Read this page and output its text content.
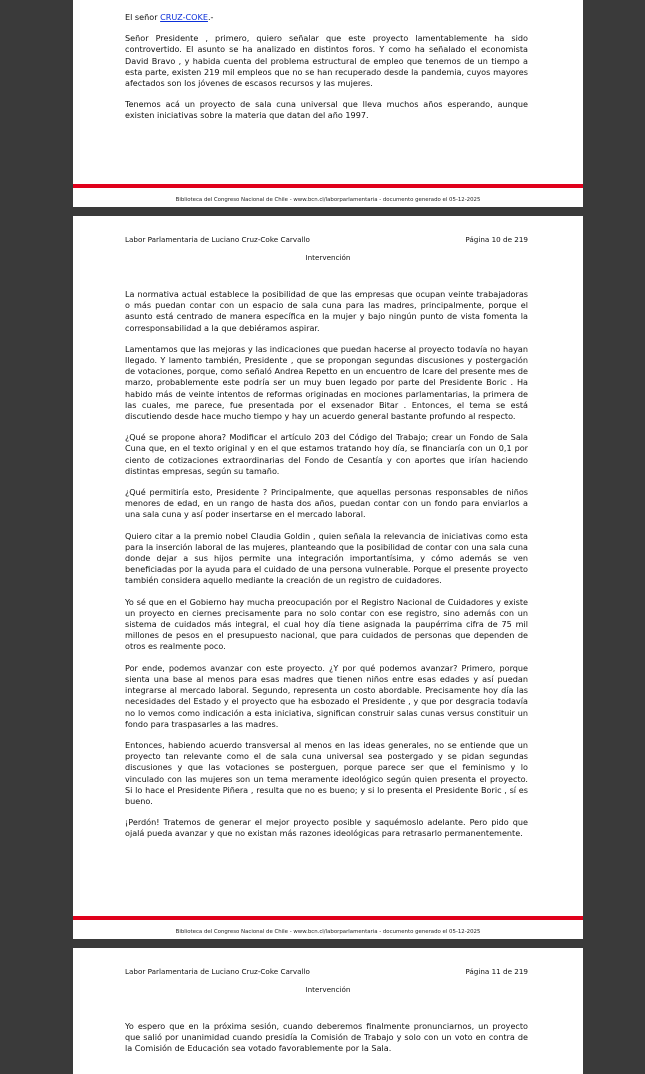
El señor CRUZ-COKE.-

Señor Presidente , primero, quiero señalar que este proyecto lamentablemente ha sido controvertido. El asunto se ha analizado en distintos foros. Y como ha señalado el economista David Bravo , y habida cuenta del problema estructural de empleo que tenemos de un tiempo a esta parte, existen 219 mil empleos que no se han recuperado desde la pandemia, cuyos mayores afectados son los jóvenes de escasos recursos y las mujeres.

Tenemos acá un proyecto de sala cuna universal que lleva muchos años esperando, aunque existen iniciativas sobre la materia que datan del año 1997.

Biblioteca del Congreso Nacional de Chile - www.bcn.cl/laborparlamentaria - documento generado el 05-12-2025
Labor Parlamentaria de Luciano Cruz-Coke Carvallo	Página 10 de 219
Intervención

La normativa actual establece la posibilidad de que las empresas que ocupan veinte trabajadoras o más puedan contar con un espacio de sala cuna para las madres, principalmente, porque el asunto está centrado de manera específica en la mujer y bajo ningún punto de vista fomenta la corresponsabilidad a la que debiéramos aspirar.

Lamentamos que las mejoras y las indicaciones que puedan hacerse al proyecto todavía no hayan llegado. Y lamento también, Presidente , que se propongan segundas discusiones y postergación de votaciones, porque, como señaló Andrea Repetto en un encuentro de Icare del presente mes de marzo, probablemente este podría ser un muy buen legado por parte del Presidente Boric . Ha habido más de veinte intentos de reformas originadas en mociones parlamentarias, la primera de las cuales, me parece, fue presentada por el exsenador Bitar . Entonces, el tema se está discutiendo desde hace mucho tiempo y hay un acuerdo general bastante profundo al respecto.

¿Qué se propone ahora? Modificar el artículo 203 del Código del Trabajo; crear un Fondo de Sala Cuna que, en el texto original y en el que estamos tratando hoy día, se financiaría con un 0,1 por ciento de cotizaciones extraordinarias del Fondo de Cesantía y con aportes que irían haciendo distintas empresas, según su tamaño.

¿Qué permitiría esto, Presidente ? Principalmente, que aquellas personas responsables de niños menores de edad, en un rango de hasta dos años, puedan contar con un fondo para enviarlos a una sala cuna y así poder insertarse en el mercado laboral.

Quiero citar a la premio nobel Claudia Goldin , quien señala la relevancia de iniciativas como esta para la inserción laboral de las mujeres, planteando que la posibilidad de contar con una sala cuna donde dejar a sus hijos permite una integración importantísima, y cómo además se ven beneficiadas por la ayuda para el cuidado de una persona vulnerable. Porque el presente proyecto también considera aquello mediante la creación de un registro de cuidadores.

Yo sé que en el Gobierno hay mucha preocupación por el Registro Nacional de Cuidadores y existe un proyecto en ciernes precisamente para no solo contar con ese registro, sino además con un sistema de cuidados más integral, el cual hoy día tiene asignada la paupérrima cifra de 75 mil millones de pesos en el presupuesto nacional, que para cuidados de personas que dependen de otros es realmente poco.

Por ende, podemos avanzar con este proyecto. ¿Y por qué podemos avanzar? Primero, porque sienta una base al menos para esas madres que tienen niños entre esas edades y así puedan integrarse al mercado laboral. Segundo, representa un costo abordable. Precisamente hoy día las necesidades del Estado y el proyecto que ha esbozado el Presidente , y que por desgracia todavía no lo vemos como indicación a esta iniciativa, significan construir salas cunas versus constituir un fondo para traspasarles a las madres.

Entonces, habiendo acuerdo transversal al menos en las ideas generales, no se entiende que un proyecto tan relevante como el de sala cuna universal sea postergado y se pidan segundas discusiones y que las votaciones se posterguen, porque parece ser que el feminismo y lo vinculado con las mujeres son un tema meramente ideológico según quien presenta el proyecto. Si lo hace el Presidente Piñera , resulta que no es bueno; y si lo presenta el Presidente Boric , sí es bueno.

¡Perdón! Tratemos de generar el mejor proyecto posible y saquémoslo adelante. Pero pido que ojalá pueda avanzar y que no existan más razones ideológicas para retrasarlo permanentemente.

Biblioteca del Congreso Nacional de Chile - www.bcn.cl/laborparlamentaria - documento generado el 05-12-2025
Labor Parlamentaria de Luciano Cruz-Coke Carvallo	Página 11 de 219
Intervención

Yo espero que en la próxima sesión, cuando deberemos finalmente pronunciarnos, un proyecto que salió por unanimidad cuando presidía la Comisión de Trabajo y solo con un voto en contra de la Comisión de Educación sea votado favorablemente por la Sala.
